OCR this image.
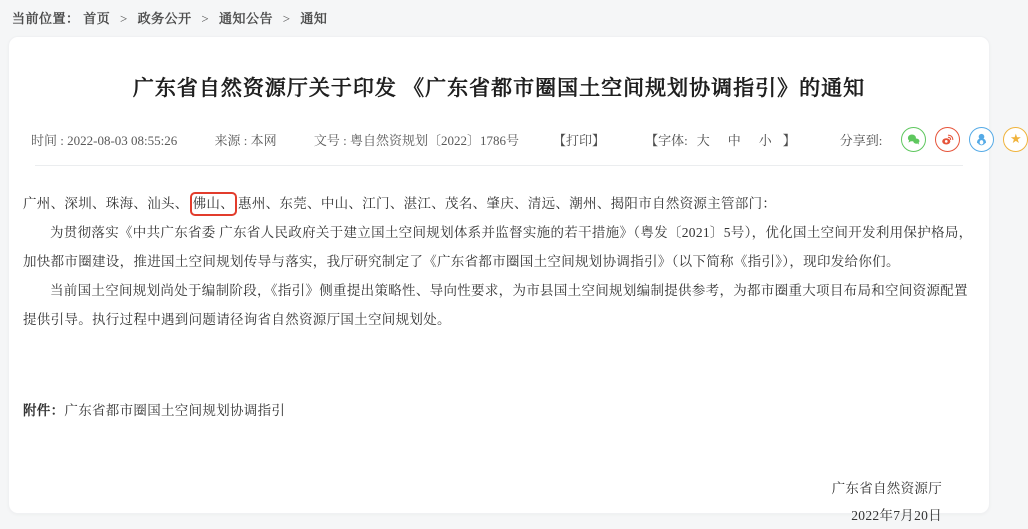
当前位置： 首页 > 政务公开 > 通知公告 > 通知
广东省自然资源厅关于印发 《广东省都市圈国土空间规划协调指引》的通知
时间 : 2022-08-03 08:55:26	来源 : 本网	文号 : 粤自然资规划〔2022〕1786号	【打印】	【字体: 大 中 小 】	分享到:	★
广州、深圳、珠海、汕头、 佛山、 惠州、东莞、中山、江门、湛江、茂名、肇庆、清远、潮州、揭阳市自然资源主管部门：

为贯彻落实《中共广东省委 广东省人民政府关于建立国土空间规划体系并监督实施的若干措施》（粤发〔2021〕5号），优化国土空间开发利用保护格局，加快都市圈建设，推进国土空间规划传导与落实，我厅研究制定了《广东省都市圈国土空间规划协调指引》（以下简称《指引》），现印发给你们。

当前国土空间规划尚处于编制阶段，《指引》侧重提出策略性、导向性要求，为市县国土空间规划编制提供参考，为都市圈重大项目布局和空间资源配置提供引导。执行过程中遇到问题请径询省自然资源厅国土空间规划处。

附件：广东省都市圈国土空间规划协调指引
广东省自然资源厅
2022年7月20日
